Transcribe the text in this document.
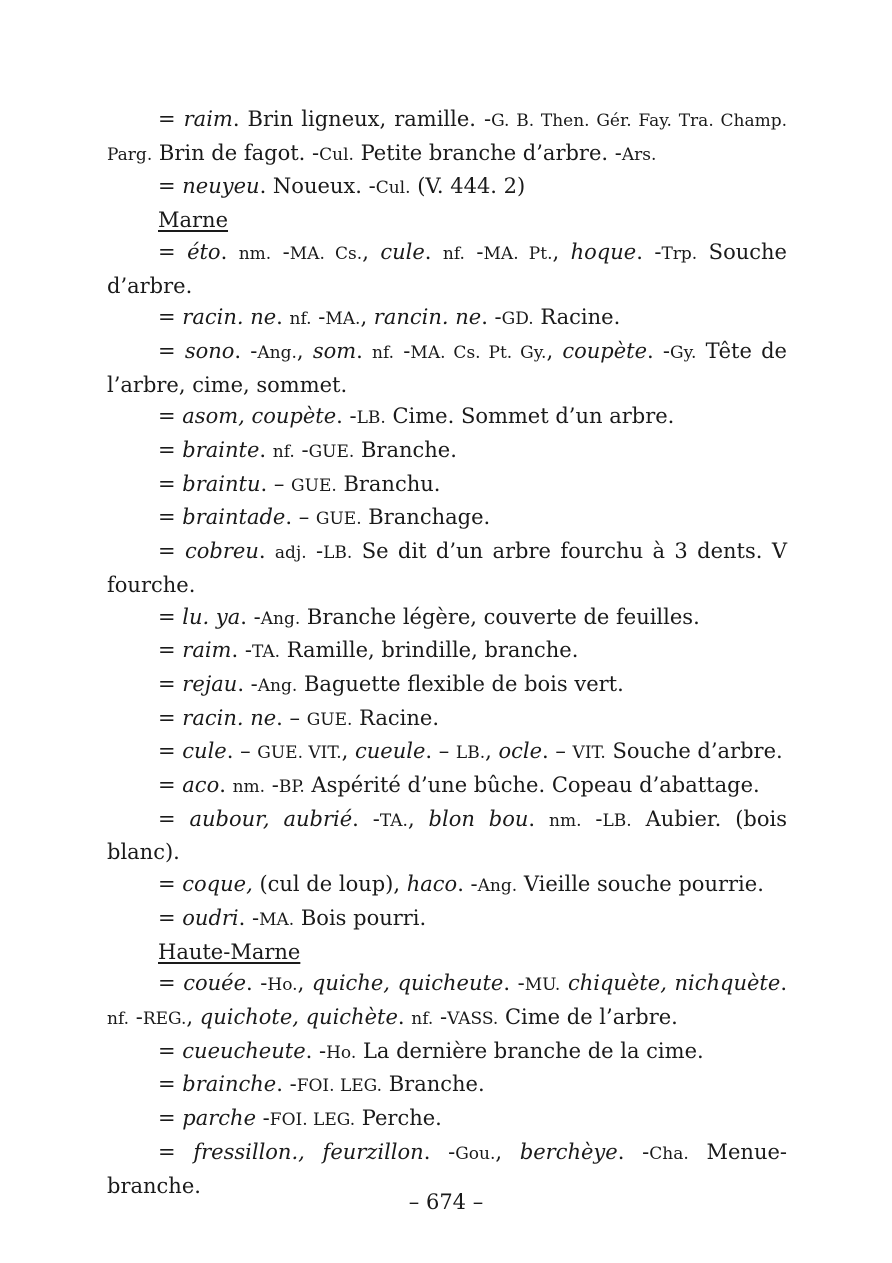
= raim. Brin ligneux, ramille. -G. B. Then. Gér. Fay. Tra. Champ. Parg. Brin de fagot. -Cul. Petite branche d’arbre. -Ars.

= neuyeu. Noueux. -Cul. (V. 444. 2)

Marne

= éto. nm. -MA. Cs., cule. nf. -MA. Pt., hoque. -Trp. Souche d’arbre.

= racin. ne. nf. -MA., rancin. ne. -GD. Racine.

= sono. -Ang., som. nf. -MA. Cs. Pt. Gy., coupète. -Gy. Tête de l’arbre, cime, sommet.

= asom, coupète. -LB. Cime. Sommet d’un arbre.

= brainte. nf. -GUE. Branche.

= braintu. – GUE. Branchu.

= braintade. – GUE. Branchage.

= cobreu. adj. -LB. Se dit d’un arbre fourchu à 3 dents. V fourche.

= lu. ya. -Ang. Branche légère, couverte de feuilles.

= raim. -TA. Ramille, brindille, branche.

= rejau. -Ang. Baguette flexible de bois vert.

= racin. ne. – GUE. Racine.

= cule. – GUE. VIT., cueule. – LB., ocle. – VIT. Souche d’arbre.

= aco. nm. -BP. Aspérité d’une bûche. Copeau d’abattage.

= aubour, aubrié. -TA., blon bou. nm. -LB. Aubier. (bois blanc).

= coque, (cul de loup), haco. -Ang. Vieille souche pourrie.

= oudri. -MA. Bois pourri.

Haute-Marne

= couée. -Ho., quiche, quicheute. -MU. chiquète, nichquète. nf. -REG., quichote, quichète. nf. -VASS. Cime de l’arbre.

= cueucheute. -Ho. La dernière branche de la cime.

= brainche. -FOI. LEG. Branche.

= parche -FOI. LEG. Perche.

= fressillon., feurzillon. -Gou., berchèye. -Cha. Menue-branche.

– 674 –
